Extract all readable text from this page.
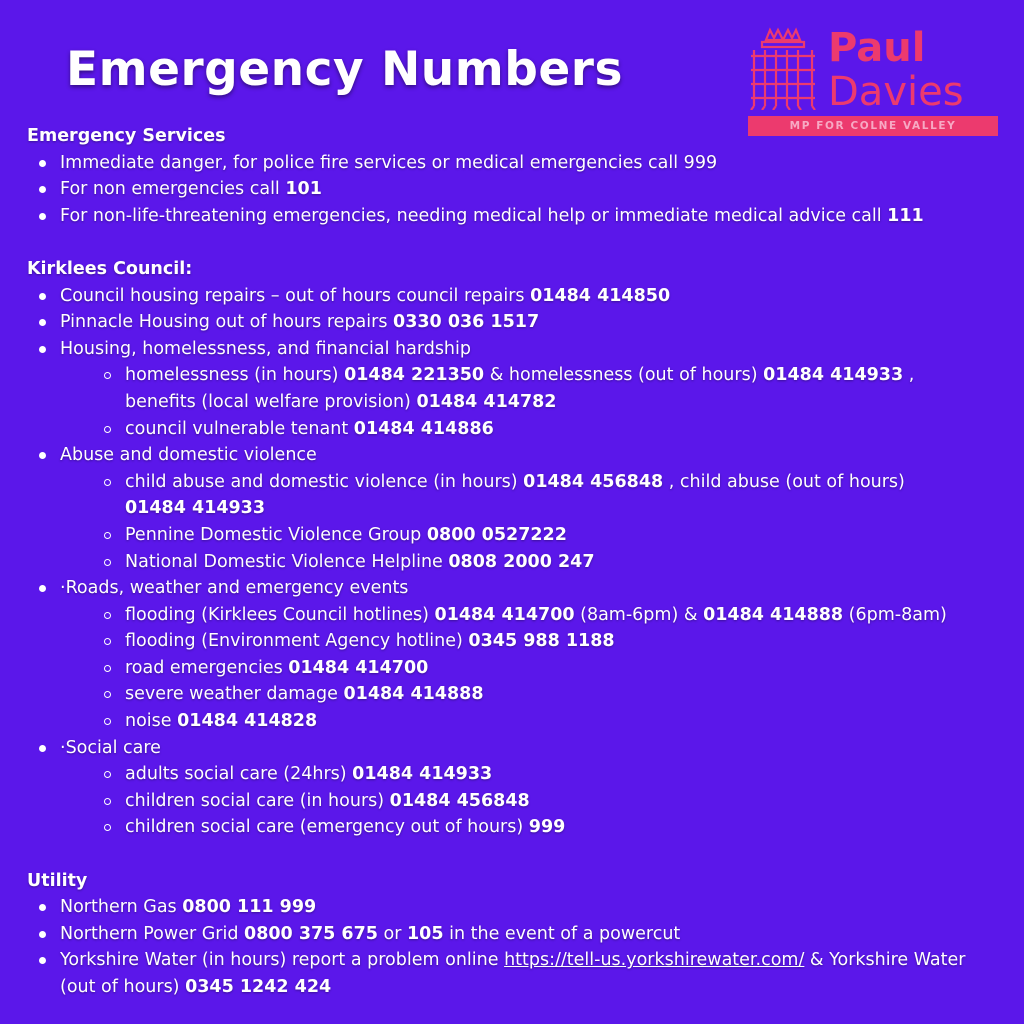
Emergency Numbers	Paul
Davies
MP FOR COLNE VALLEY

Emergency Services

Immediate danger, for police fire services or medical emergencies call 999
For non emergencies call 101
For non-life-threatening emergencies, needing medical help or immediate medical advice call 111

Kirklees Council:

Council housing repairs – out of hours council repairs 01484 414850
Pinnacle Housing out of hours repairs 0330 036 1517
Housing, homelessness, and financial hardship
homelessness (in hours) 01484 221350 & homelessness (out of hours) 01484 414933 , benefits (local welfare provision) 01484 414782
council vulnerable tenant 01484 414886
Abuse and domestic violence
child abuse and domestic violence (in hours) 01484 456848 , child abuse (out of hours) 01484 414933
Pennine Domestic Violence Group 0800 0527222
National Domestic Violence Helpline 0808 2000 247
·Roads, weather and emergency events
flooding (Kirklees Council hotlines) 01484 414700 (8am-6pm) & 01484 414888 (6pm-8am)
flooding (Environment Agency hotline) 0345 988 1188
road emergencies 01484 414700
severe weather damage 01484 414888
noise 01484 414828
·Social care
adults social care (24hrs) 01484 414933
children social care (in hours) 01484 456848
children social care (emergency out of hours) 999

Utility

Northern Gas 0800 111 999
Northern Power Grid 0800 375 675 or 105 in the event of a powercut
Yorkshire Water (in hours) report a problem online https://tell-us.yorkshirewater.com/ & Yorkshire Water (out of hours) 0345 1242 424
